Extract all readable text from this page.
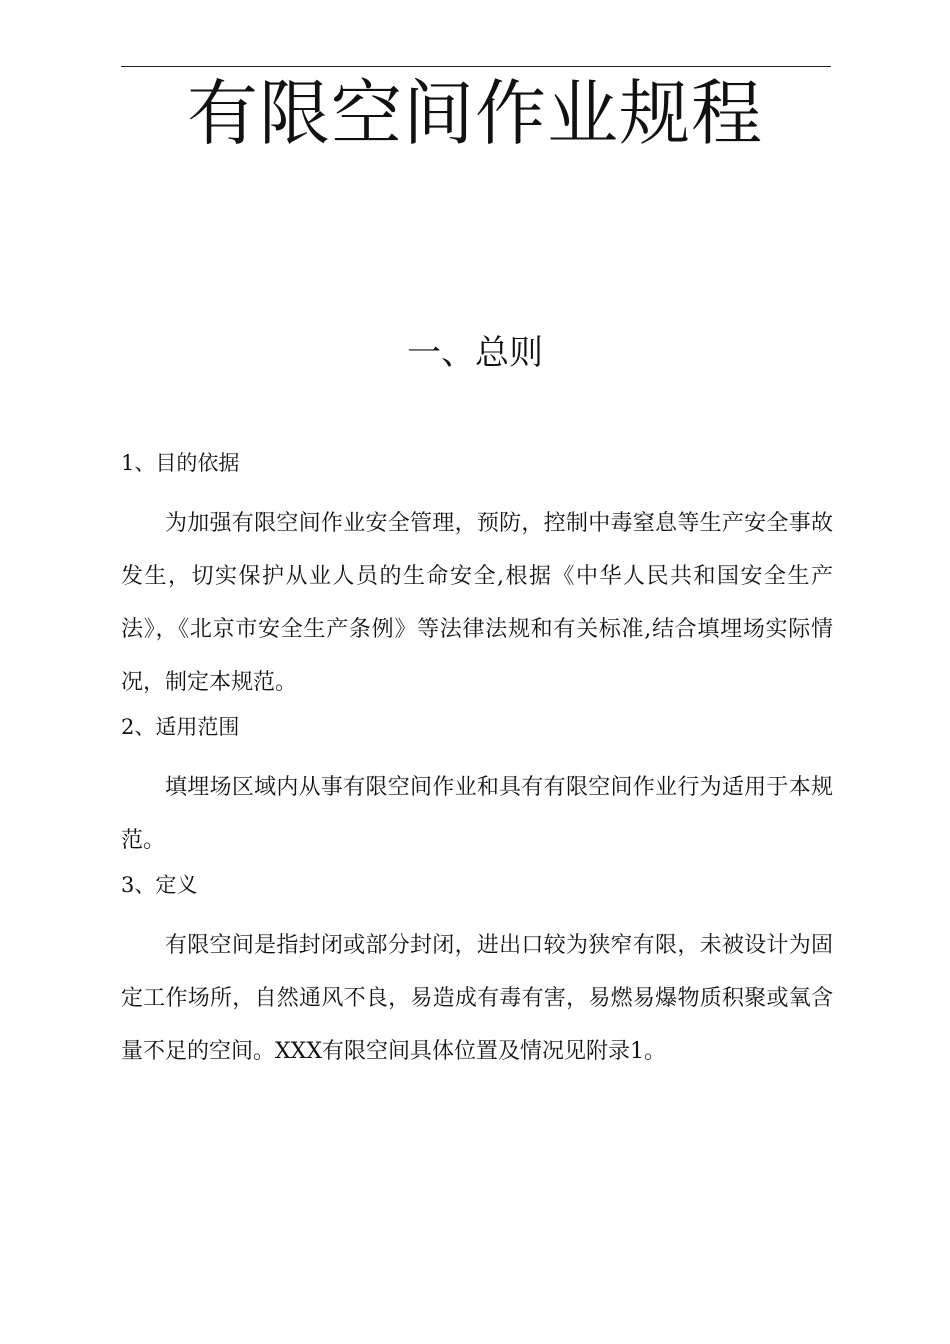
有限空间作业规程
一、总则

1、目的依据

为加强有限空间作业安全管理，预防，控制中毒窒息等生产安全事故发生，切实保护从业人员的生命安全,根据《中华人民共和国安全生产法》，《北京市安全生产条例》等法律法规和有关标准,结合填埋场实际情况，制定本规范。

2、适用范围

填埋场区域内从事有限空间作业和具有有限空间作业行为适用于本规范。

3、定义

有限空间是指封闭或部分封闭，进出口较为狭窄有限，未被设计为固定工作场所，自然通风不良，易造成有毒有害，易燃易爆物质积聚或氧含量不足的空间。XXX有限空间具体位置及情况见附录1。
